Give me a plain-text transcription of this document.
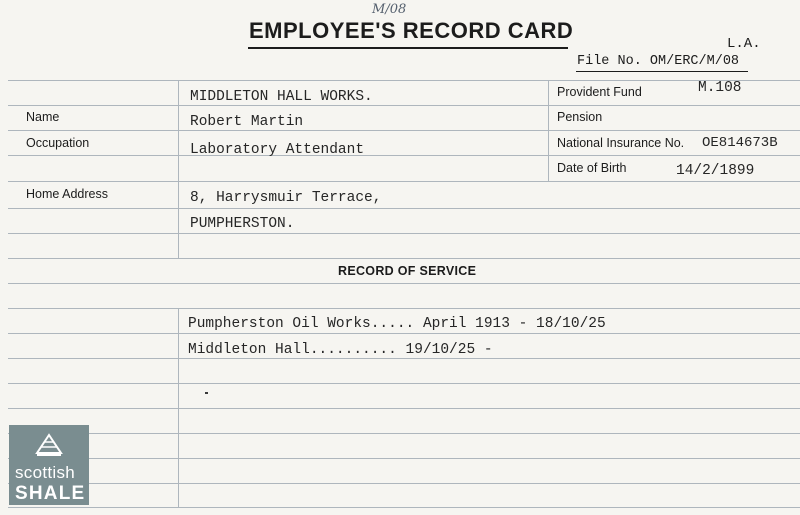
M/08
EMPLOYEE'S RECORD CARD
L.A.
File No. OM/ERC/M/08
MIDDLETON HALL WORKS.
Name	Robert Martin
Occupation	Laboratory Attendant
Home Address	8, Harrysmuir Terrace,
PUMPHERSTON.
Provident Fund	M.108
Pension
National Insurance No. OE814673B
Date of Birth	14/2/1899
RECORD OF SERVICE
Pumpherston Oil Works..... April 1913 - 18/10/25
Middleton Hall.......... 19/10/25 -
scottish
SHALE
